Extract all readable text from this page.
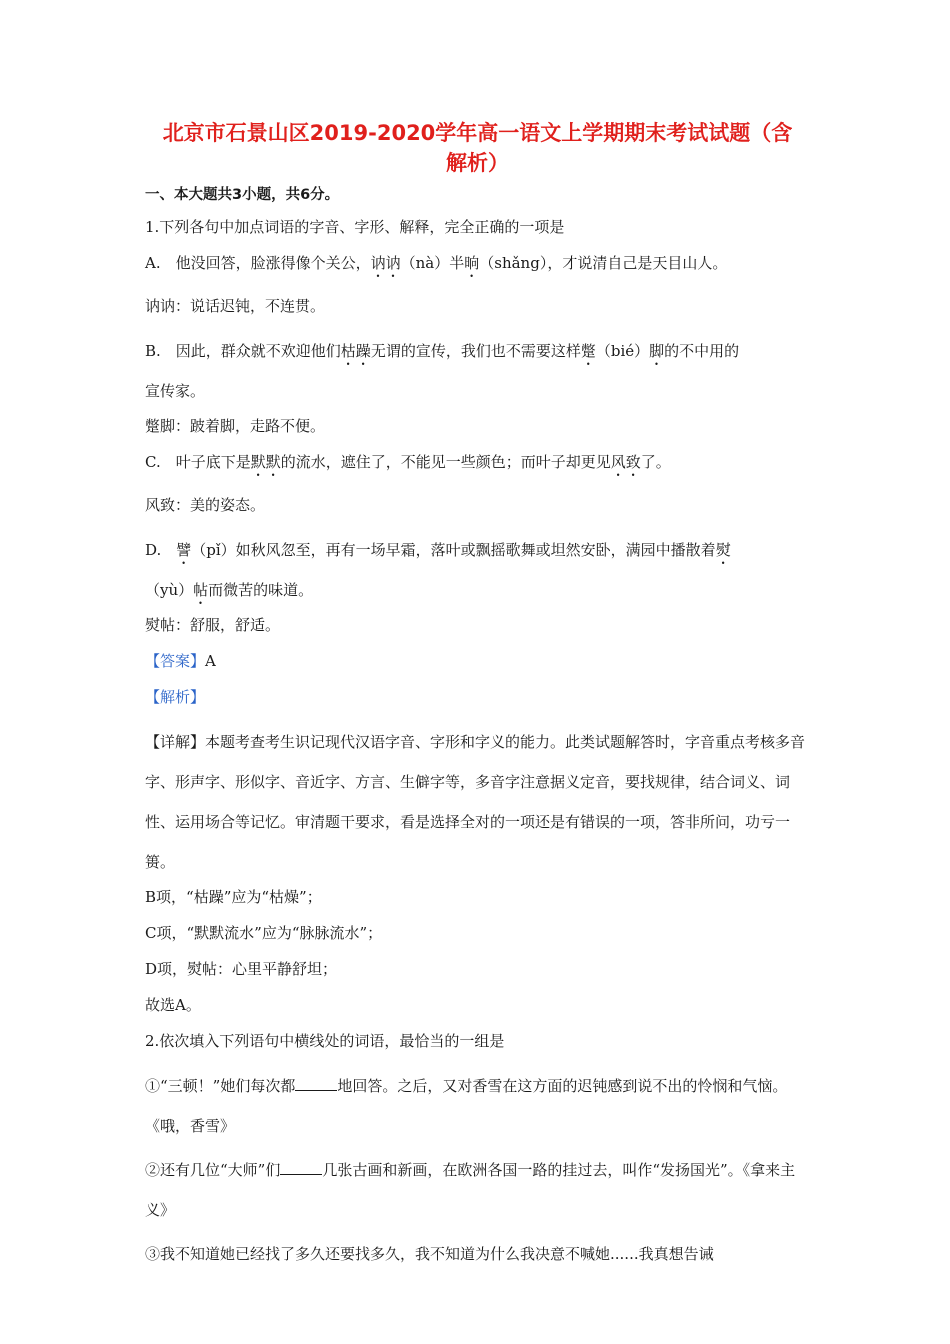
北京市石景山区2019-2020学年高一语文上学期期末考试试题（含
解析）
一、本大题共3小题，共6分。
1.下列各句中加点词语的字音、字形、解释，完全正确的一项是
A.　他没回答，脸涨得像个关公，讷讷（nà）半晌（shǎng），才说清自己是天目山人。
讷讷：说话迟钝，不连贯。
B.　因此，群众就不欢迎他们枯躁无谓的宣传，我们也不需要这样蹩（bié）脚的不中用的
宣传家。
蹩脚：跛着脚，走路不便。
C.　叶子底下是默默的流水，遮住了，不能见一些颜色；而叶子却更见风致了。
风致：美的姿态。
D.　譬（pǐ）如秋风忽至，再有一场早霜，落叶或飘摇歌舞或坦然安卧，满园中播散着熨
（yù）帖而微苦的味道。
熨帖：舒服，舒适。
【答案】A
【解析】
【详解】本题考查考生识记现代汉语字音、字形和字义的能力。此类试题解答时，字音重点考核多音字、形声字、形似字、音近字、方言、生僻字等，多音字注意据义定音，要找规律，结合词义、词性、运用场合等记忆。审清题干要求，看是选择全对的一项还是有错误的一项，答非所问，功亏一篑。
B项，“枯躁”应为“枯燥”；
C项，“默默流水”应为“脉脉流水”；
D项，熨帖：心里平静舒坦；
故选A。
2.依次填入下列语句中横线处的词语，最恰当的一组是
①“三顿！”她们每次都	地回答。之后，又对香雪在这方面的迟钝感到说不出的怜悯和气恼。《哦，香雪》
②还有几位“大师”们	几张古画和新画，在欧洲各国一路的挂过去，叫作“发扬国光”。《拿来主义》
③我不知道她已经找了多久还要找多久，我不知道为什么我决意不喊她......我真想告诫
